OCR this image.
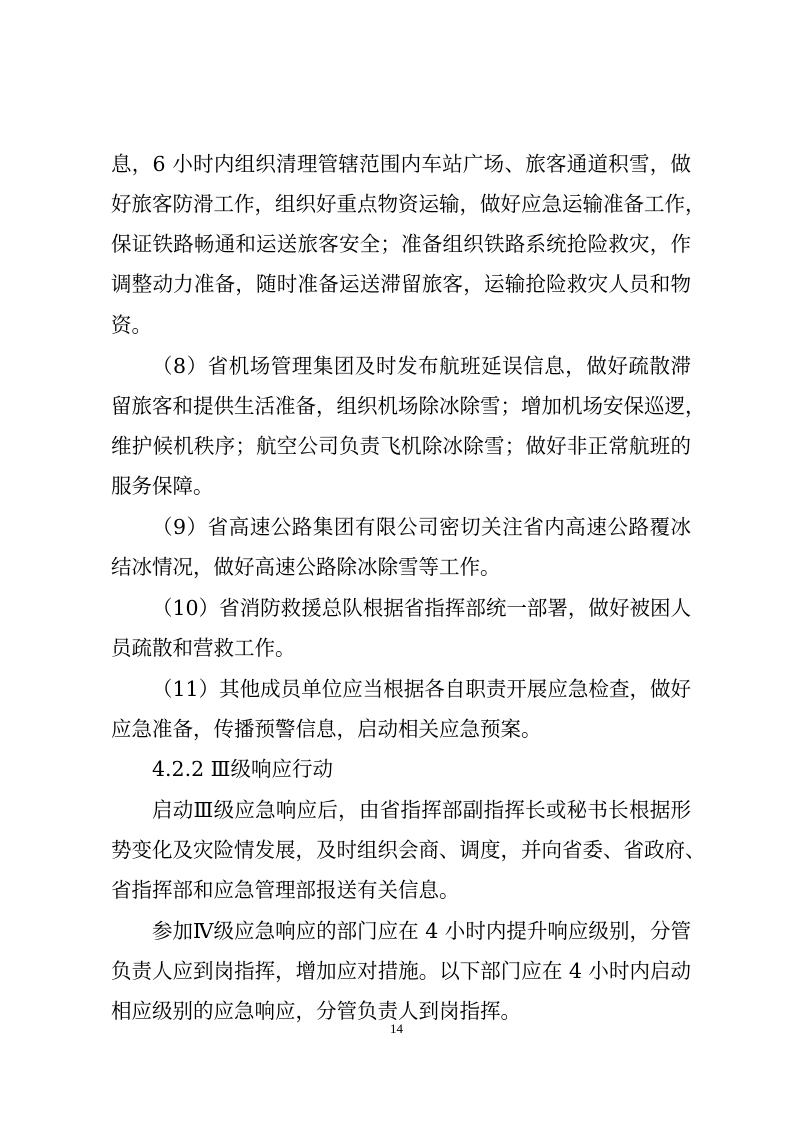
息，6 小时内组织清理管辖范围内车站广场、旅客通道积雪，做
好旅客防滑工作，组织好重点物资运输，做好应急运输准备工作，
保证铁路畅通和运送旅客安全；准备组织铁路系统抢险救灾，作
调整动力准备，随时准备运送滞留旅客，运输抢险救灾人员和物
资。
（8）省机场管理集团及时发布航班延误信息，做好疏散滞
留旅客和提供生活准备，组织机场除冰除雪；增加机场安保巡逻，
维护候机秩序；航空公司负责飞机除冰除雪；做好非正常航班的
服务保障。
（9）省高速公路集团有限公司密切关注省内高速公路覆冰
结冰情况，做好高速公路除冰除雪等工作。
（10）省消防救援总队根据省指挥部统一部署，做好被困人
员疏散和营救工作。
（11）其他成员单位应当根据各自职责开展应急检查，做好
应急准备，传播预警信息，启动相关应急预案。
4.2.2 Ⅲ级响应行动
启动Ⅲ级应急响应后，由省指挥部副指挥长或秘书长根据形
势变化及灾险情发展，及时组织会商、调度，并向省委、省政府、
省指挥部和应急管理部报送有关信息。
参加Ⅳ级应急响应的部门应在 4 小时内提升响应级别，分管
负责人应到岗指挥，增加应对措施。以下部门应在 4 小时内启动
相应级别的应急响应，分管负责人到岗指挥。
14
